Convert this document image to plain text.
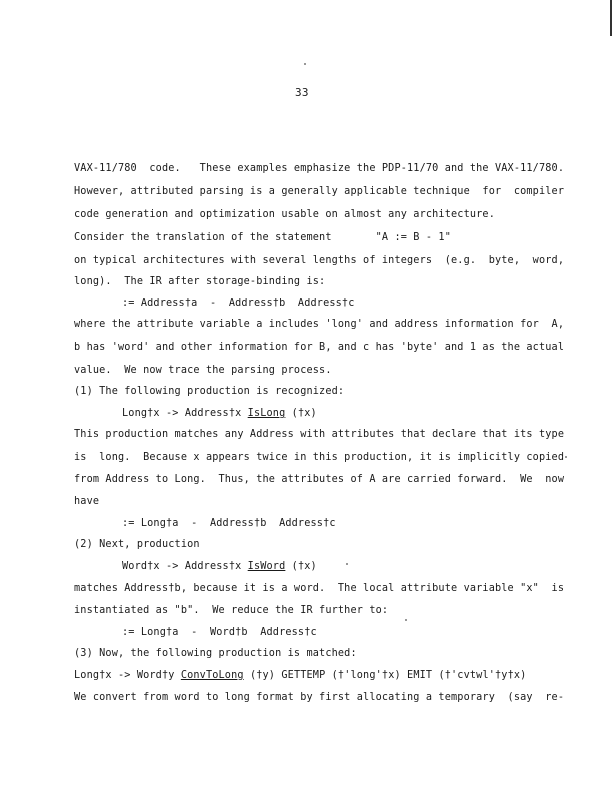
33
VAX-11/780  code.   These examples emphasize the PDP-11/70 and the VAX-11/780.
However, attributed parsing is a generally applicable technique  for  compiler
code generation and optimization usable on almost any architecture.
Consider the translation of the statement       "A := B - 1"
on typical architectures with several lengths of integers  (e.g.  byte,  word,
long).  The IR after storage-binding is:
:= Address†a  -  Address†b  Address†c
where the attribute variable a includes 'long' and address information for  A,
b has 'word' and other information for B, and c has 'byte' and 1 as the actual
value.  We now trace the parsing process.
(1) The following production is recognized:
Long†x -> Address†x IsLong (†x)
This production matches any Address with attributes that declare that its type
is  long.  Because x appears twice in this production, it is implicitly copied
from Address to Long.  Thus, the attributes of A are carried forward.  We  now
have
:= Long†a  -  Address†b  Address†c
(2) Next, production
Word†x -> Address†x IsWord (†x)
matches Address†b, because it is a word.  The local attribute variable "x"  is
instantiated as "b".  We reduce the IR further to:
:= Long†a  -  Word†b  Address†c
(3) Now, the following production is matched:
Long†x -> Word†y ConvToLong (†y) GETTEMP (†'long'†x) EMIT (†'cvtwl'†y†x)
We convert from word to long format by first allocating a temporary  (say  re-
